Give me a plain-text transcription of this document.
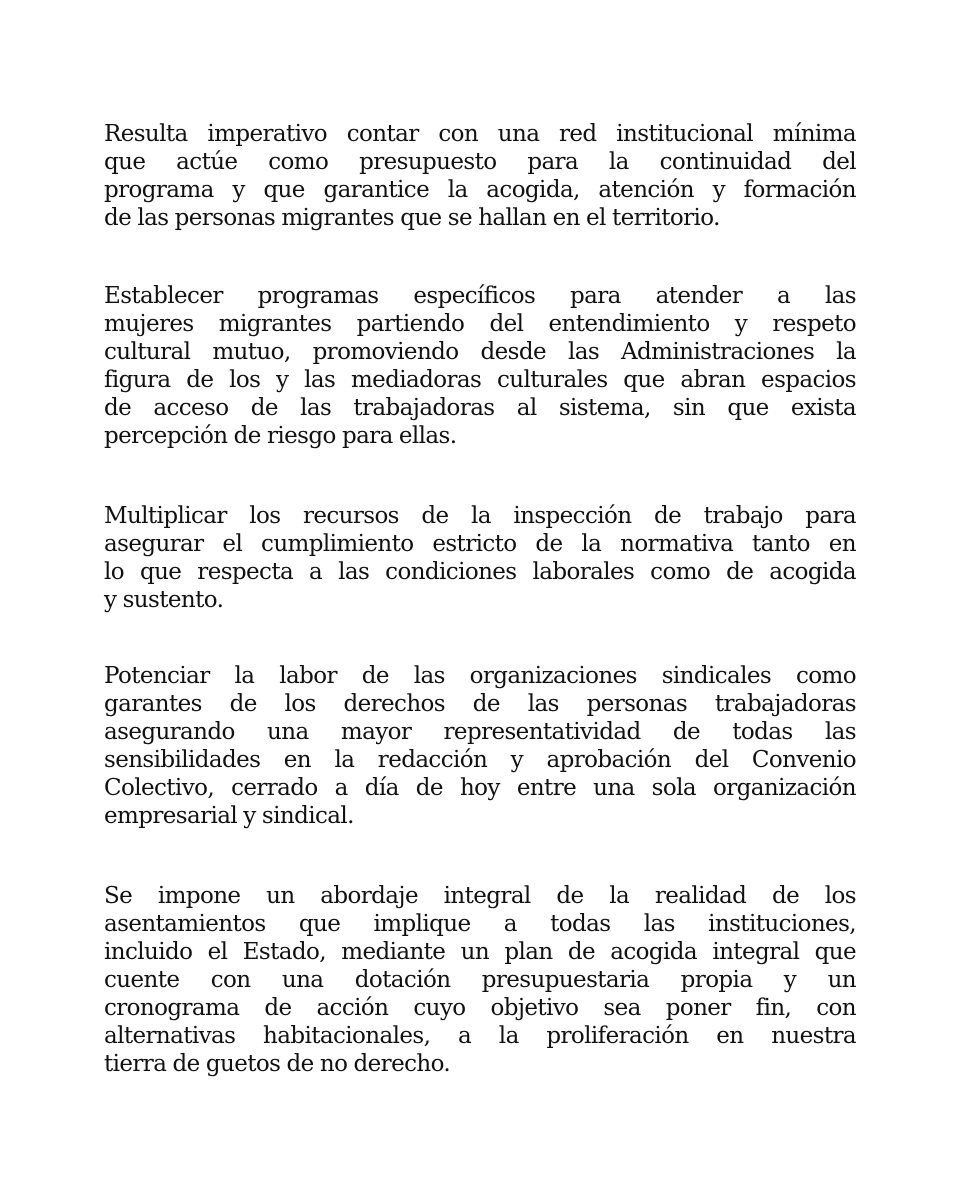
Resulta imperativo contar con una red institucional mínima
que actúe como presupuesto para la continuidad del
programa y que garantice la acogida, atención y formación
de las personas migrantes que se hallan en el territorio.

Establecer programas específicos para atender a las
mujeres migrantes partiendo del entendimiento y respeto
cultural mutuo, promoviendo desde las Administraciones la
figura de los y las mediadoras culturales que abran espacios
de acceso de las trabajadoras al sistema, sin que exista
percepción de riesgo para ellas.

Multiplicar los recursos de la inspección de trabajo para
asegurar el cumplimiento estricto de la normativa tanto en
lo que respecta a las condiciones laborales como de acogida
y sustento.

Potenciar la labor de las organizaciones sindicales como
garantes de los derechos de las personas trabajadoras
asegurando una mayor representatividad de todas las
sensibilidades en la redacción y aprobación del Convenio
Colectivo, cerrado a día de hoy entre una sola organización
empresarial y sindical.

Se impone un abordaje integral de la realidad de los
asentamientos que implique a todas las instituciones,
incluido el Estado, mediante un plan de acogida integral que
cuente con una dotación presupuestaria propia y un
cronograma de acción cuyo objetivo sea poner fin, con
alternativas habitacionales, a la proliferación en nuestra
tierra de guetos de no derecho.
